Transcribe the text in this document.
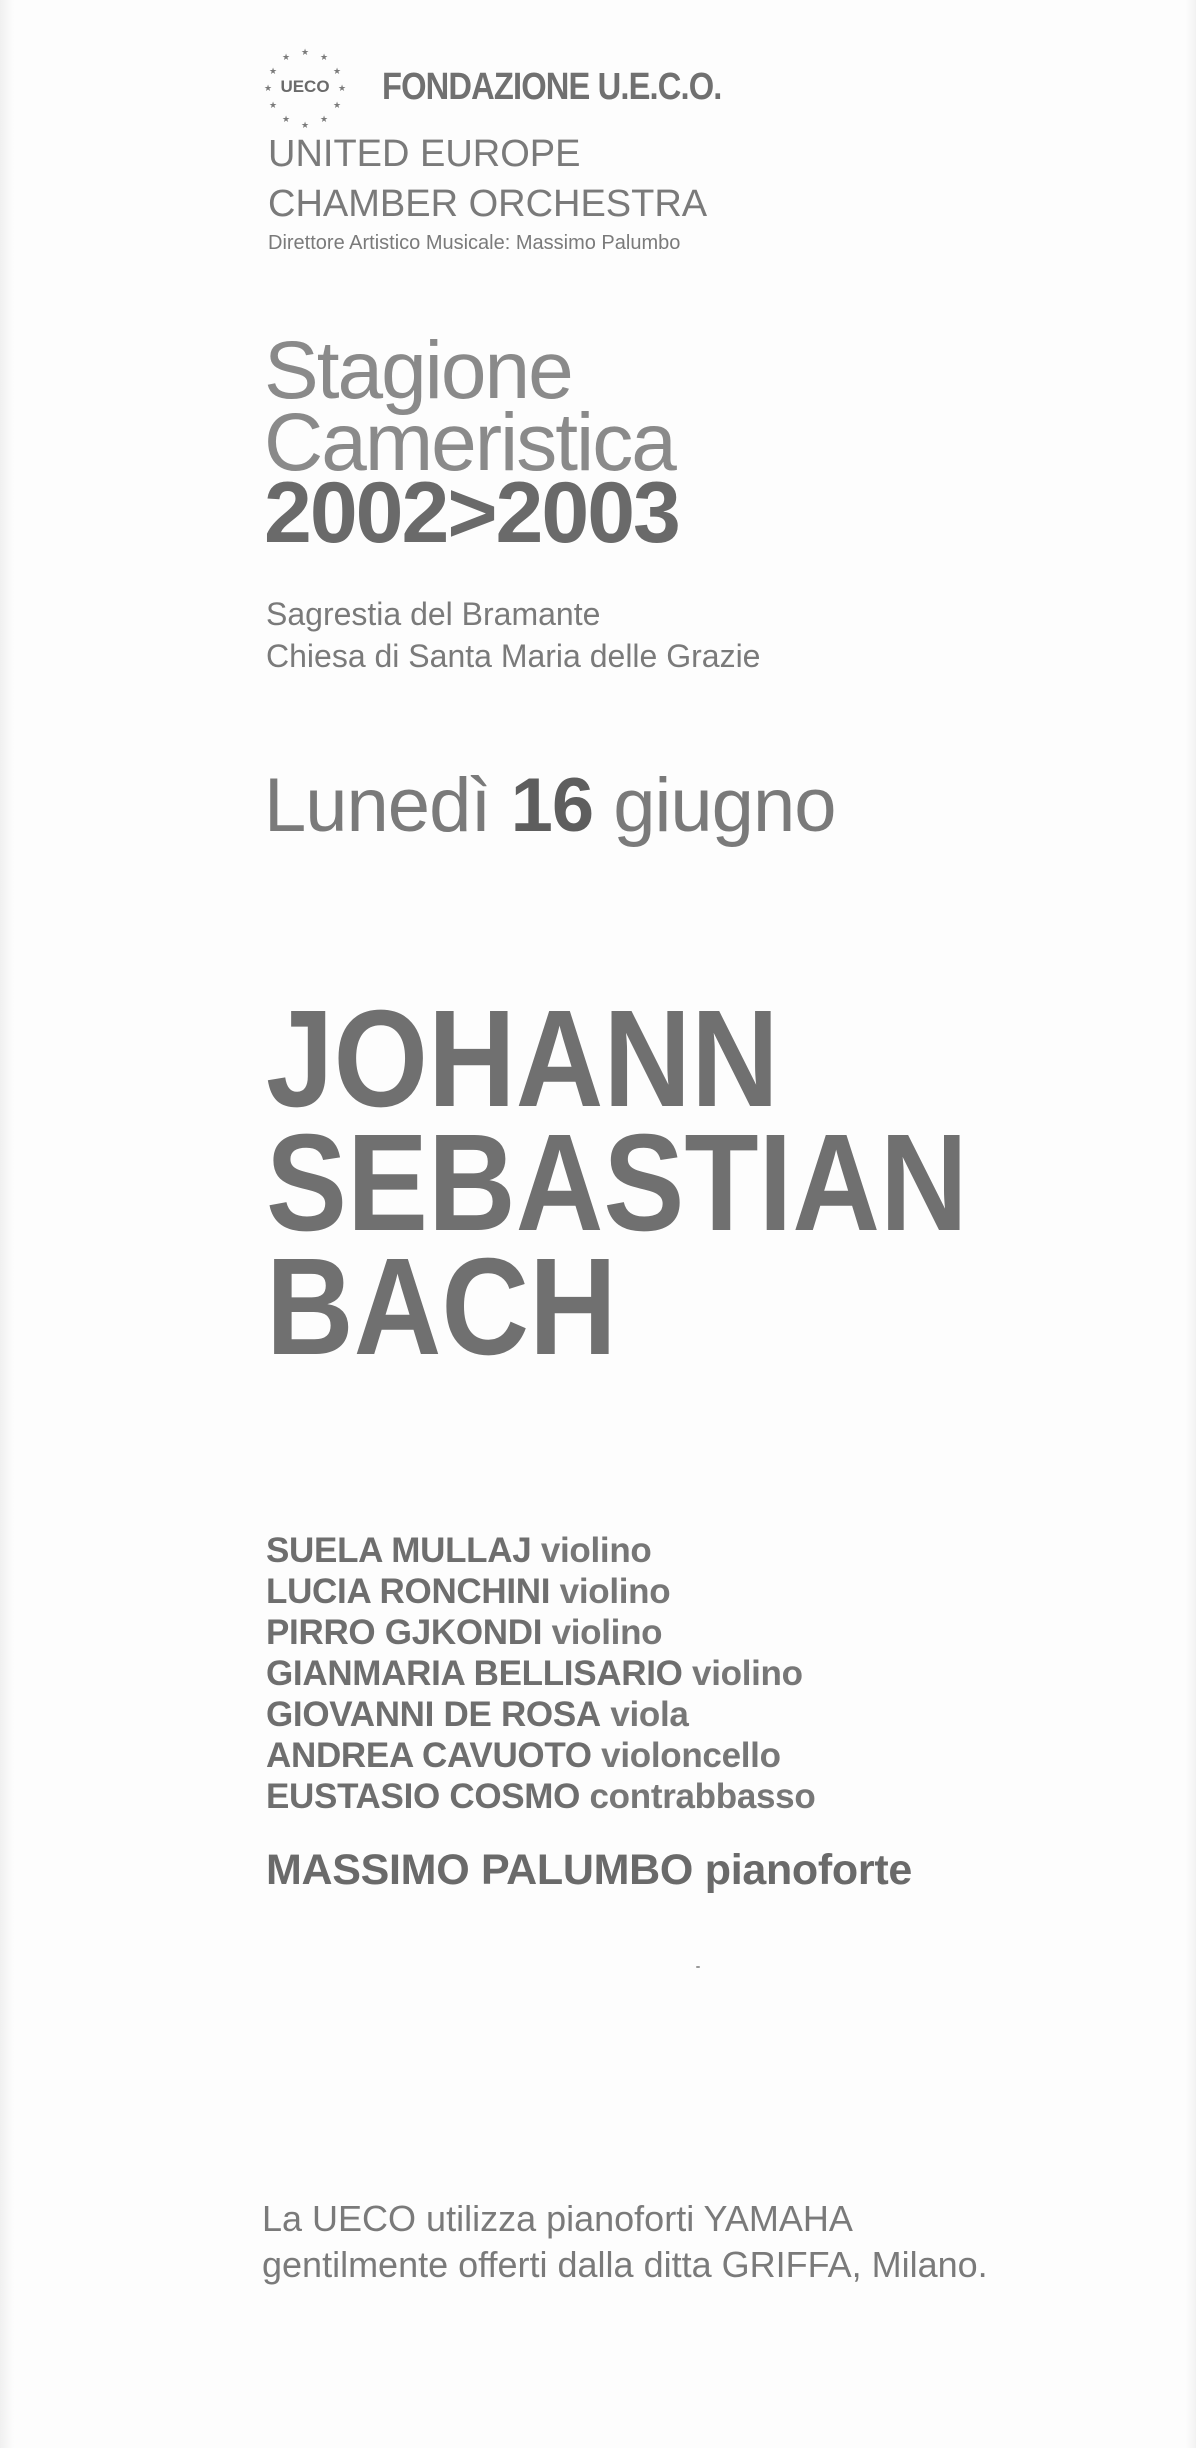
★ ★
★
★
★
★
★
★
★
★
★
★
UECO FONDAZIONE U.E.C.O.
UNITED EUROPE
CHAMBER ORCHESTRA
Direttore Artistico Musicale: Massimo Palumbo
Stagione
Cameristica
2002>2003
Sagrestia del Bramante
Chiesa di Santa Maria delle Grazie
Lunedì 16 giugno
JOHANN
SEBASTIAN
BACH
SUELA MULLAJ violino
LUCIA RONCHINI violino
PIRRO GJKONDI violino
GIANMARIA BELLISARIO violino
GIOVANNI DE ROSA viola
ANDREA CAVUOTO violoncello
EUSTASIO COSMO contrabbasso
MASSIMO PALUMBO pianoforte
La UECO utilizza pianoforti YAMAHA
gentilmente offerti dalla ditta GRIFFA, Milano.
